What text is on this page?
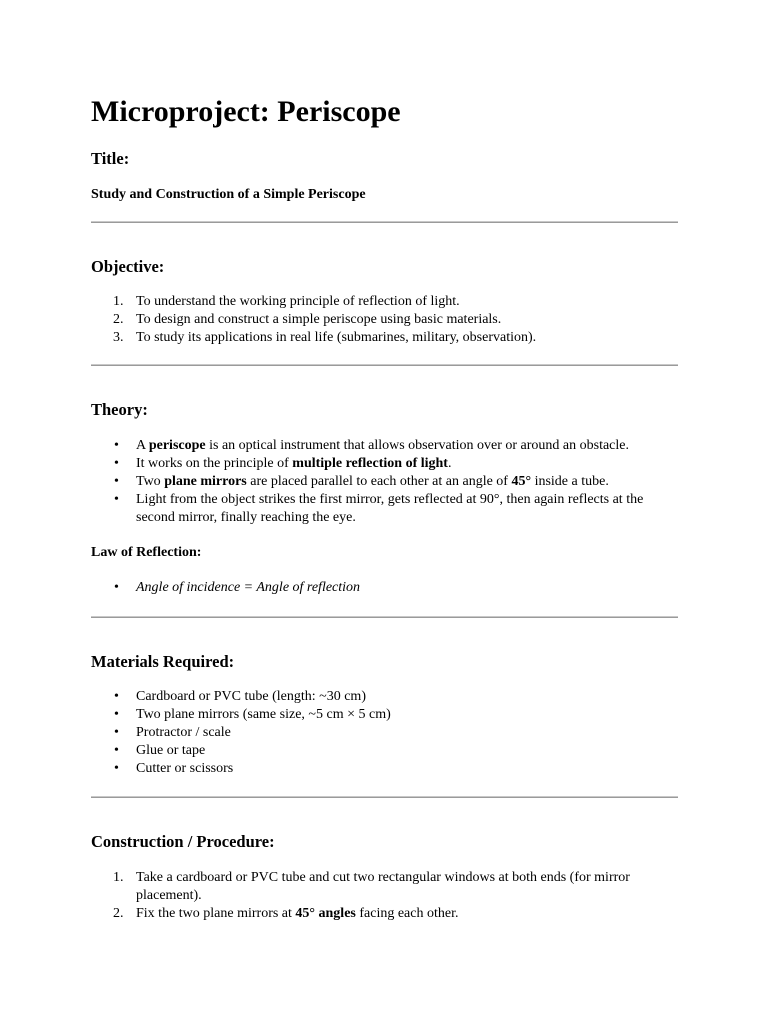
Microproject: Periscope
Title:
Study and Construction of a Simple Periscope
Objective:
1. To understand the working principle of reflection of light.
2. To design and construct a simple periscope using basic materials.
3. To study its applications in real life (submarines, military, observation).
Theory:
• A periscope is an optical instrument that allows observation over or around an obstacle.
• It works on the principle of multiple reflection of light.
• Two plane mirrors are placed parallel to each other at an angle of 45° inside a tube.
• Light from the object strikes the first mirror, gets reflected at 90°, then again reflects at the second mirror, finally reaching the eye.
Law of Reflection:
• Angle of incidence = Angle of reflection
Materials Required:
• Cardboard or PVC tube (length: ~30 cm)
• Two plane mirrors (same size, ~5 cm × 5 cm)
• Protractor / scale
• Glue or tape
• Cutter or scissors
Construction / Procedure:
1. Take a cardboard or PVC tube and cut two rectangular windows at both ends (for mirror placement).
2. Fix the two plane mirrors at 45° angles facing each other.
